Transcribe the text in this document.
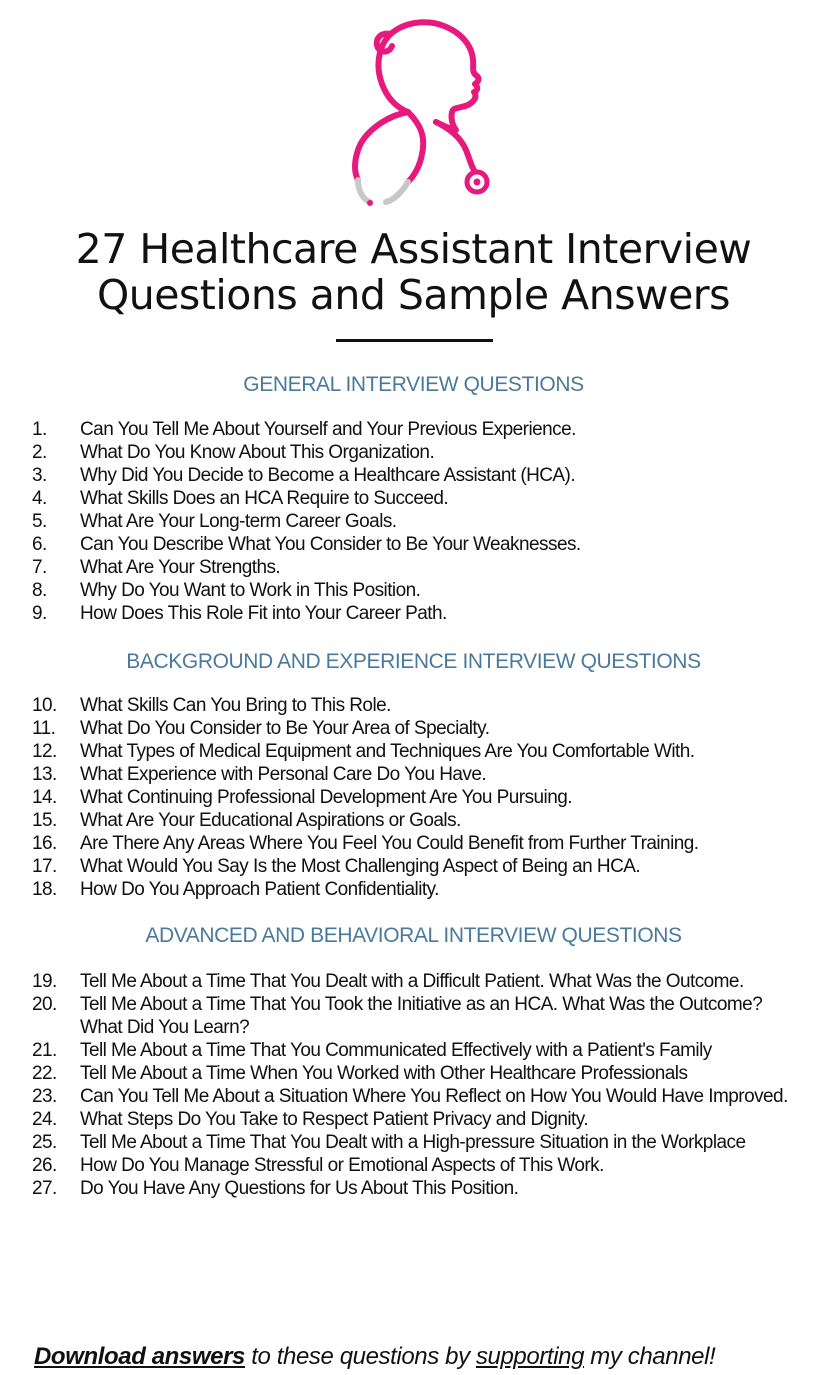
27 Healthcare Assistant Interview
Questions and Sample Answers
GENERAL INTERVIEW QUESTIONS
1.	Can You Tell Me About Yourself and Your Previous Experience.
2.	What Do You Know About This Organization.
3.	Why Did You Decide to Become a Healthcare Assistant (HCA).
4.	What Skills Does an HCA Require to Succeed.
5.	What Are Your Long-term Career Goals.
6.	Can You Describe What You Consider to Be Your Weaknesses.
7.	What Are Your Strengths.
8.	Why Do You Want to Work in This Position.
9.	How Does This Role Fit into Your Career Path.
BACKGROUND AND EXPERIENCE INTERVIEW QUESTIONS
10.	What Skills Can You Bring to This Role.
11.	What Do You Consider to Be Your Area of Specialty.
12.	What Types of Medical Equipment and Techniques Are You Comfortable With.
13.	What Experience with Personal Care Do You Have.
14.	What Continuing Professional Development Are You Pursuing.
15.	What Are Your Educational Aspirations or Goals.
16.	Are There Any Areas Where You Feel You Could Benefit from Further Training.
17.	What Would You Say Is the Most Challenging Aspect of Being an HCA.
18.	How Do You Approach Patient Confidentiality.
ADVANCED AND BEHAVIORAL INTERVIEW QUESTIONS
19.	Tell Me About a Time That You Dealt with a Difficult Patient. What Was the Outcome.
20.	Tell Me About a Time That You Took the Initiative as an HCA. What Was the Outcome? What Did You Learn?
21.	Tell Me About a Time That You Communicated Effectively with a Patient's Family
22.	Tell Me About a Time When You Worked with Other Healthcare Professionals
23.	Can You Tell Me About a Situation Where You Reflect on How You Would Have Improved.
24.	What Steps Do You Take to Respect Patient Privacy and Dignity.
25.	Tell Me About a Time That You Dealt with a High-pressure Situation in the Workplace
26.	How Do You Manage Stressful or Emotional Aspects of This Work.
27.	Do You Have Any Questions for Us About This Position.
Download answers to these questions by supporting my channel!
